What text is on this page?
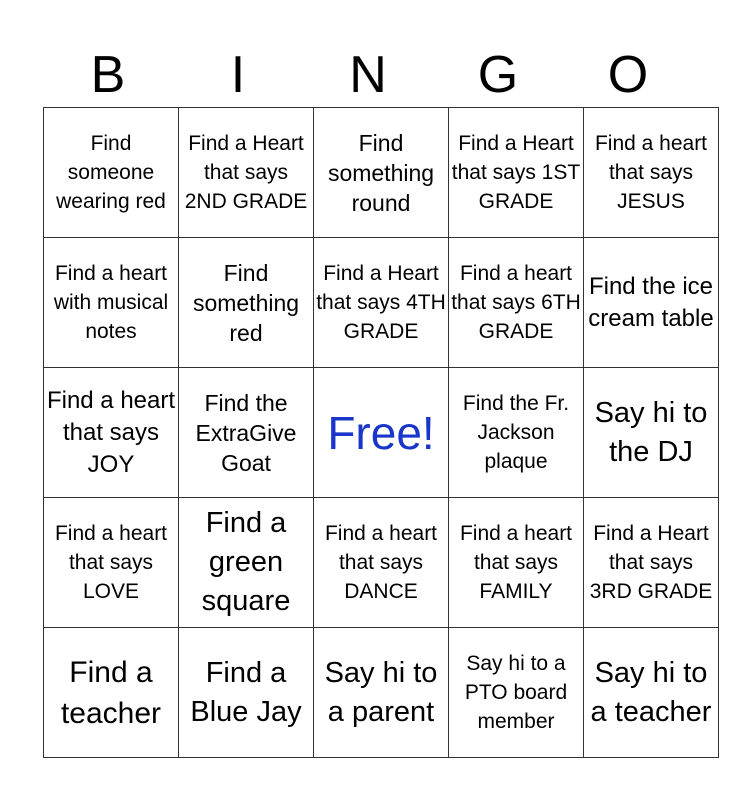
B	I	N	G	O
Find someone wearing red	Find a Heart that says 2ND GRADE	Find something round	Find a Heart that says 1ST GRADE	Find a heart that says JESUS
Find a heart with musical notes	Find something red	Find a Heart that says 4TH GRADE	Find a heart that says 6TH GRADE	Find the ice cream table
Find a heart that says JOY	Find the ExtraGive Goat	Free!	Find the Fr. Jackson plaque	Say hi to the DJ
Find a heart that says LOVE	Find a green square	Find a heart that says DANCE	Find a heart that says FAMILY	Find a Heart that says 3RD GRADE
Find a teacher	Find a Blue Jay	Say hi to a parent	Say hi to a PTO board member	Say hi to a teacher
